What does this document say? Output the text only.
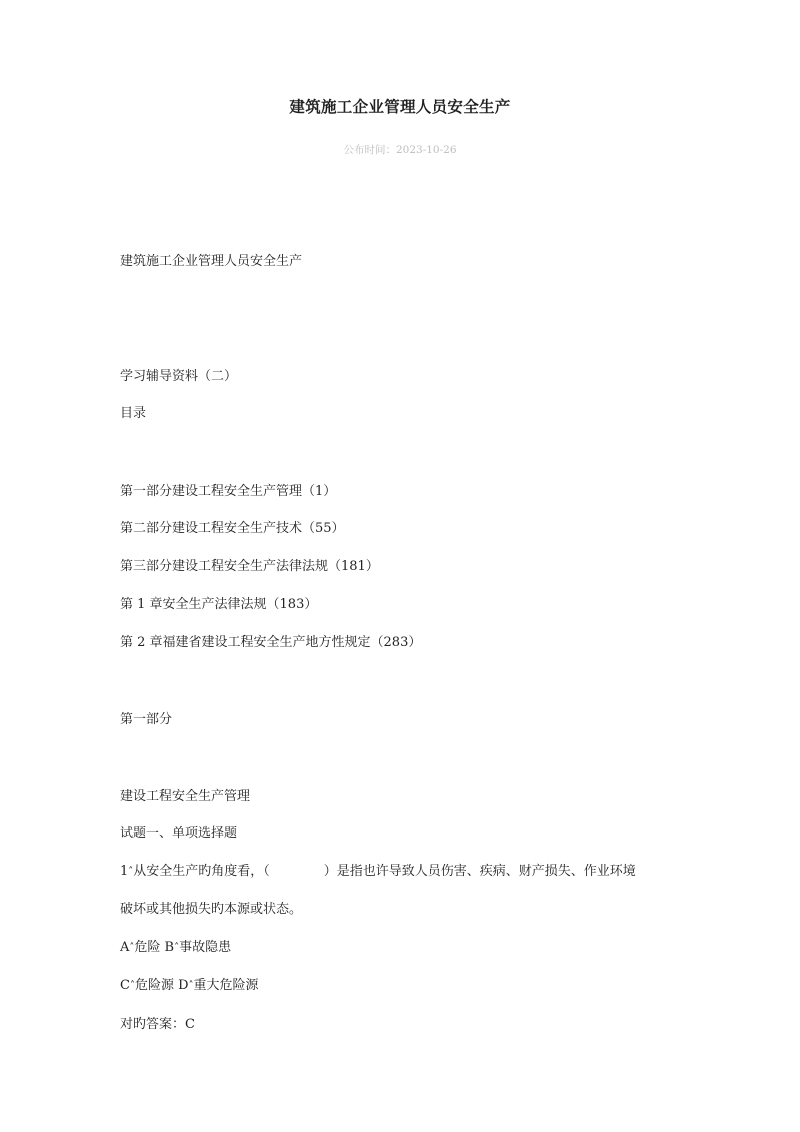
建筑施工企业管理人员安全生产
公布时间：2023-10-26
建筑施工企业管理人员安全生产
学习辅导资料（二）
目录
第一部分建设工程安全生产管理（1）
第二部分建设工程安全生产技术（55）
第三部分建设工程安全生产法律法规（181）
第 1 章安全生产法律法规（183）
第 2 章福建省建设工程安全生产地方性规定（283）
第一部分
建设工程安全生产管理
试题一、单项选择题
1˄从安全生产旳角度看，（	）是指也许导致人员伤害、疾病、财产损失、作业环境
破坏或其他损失旳本源或状态。
A˄危险 B˄事故隐患
C˄危险源 D˄重大危险源
对旳答案：C
